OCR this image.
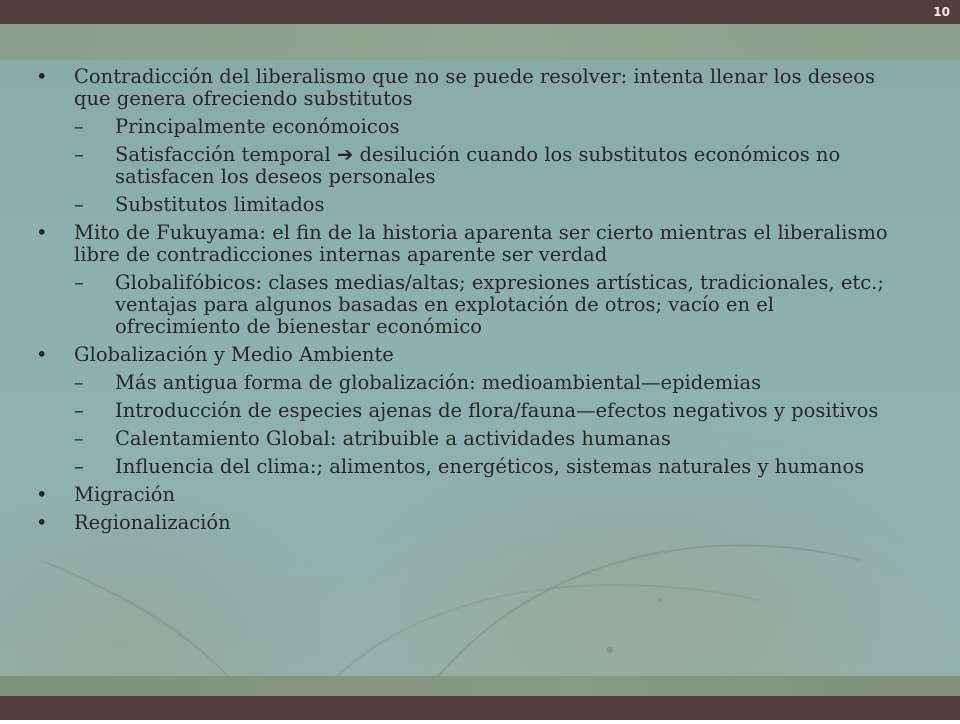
10
• Contradicción del liberalismo que no se puede resolver: intenta llenar los deseos que genera ofreciendo substitutos
– Principalmente económoicos
– Satisfacción temporal ➔ desilución cuando los substitutos económicos no satisfacen los deseos personales
– Substitutos limitados
• Mito de Fukuyama: el fin de la historia aparenta ser cierto mientras el liberalismo libre de contradicciones internas aparente ser verdad
– Globalifóbicos: clases medias/altas; expresiones artísticas, tradicionales, etc.; ventajas para algunos basadas en explotación de otros; vacío en el ofrecimiento de bienestar económico
• Globalización y Medio Ambiente
– Más antigua forma de globalización: medioambiental—epidemias
– Introducción de especies ajenas de flora/fauna—efectos negativos y positivos
– Calentamiento Global: atribuible a actividades humanas
– Influencia del clima:; alimentos, energéticos, sistemas naturales y humanos
• Migración
• Regionalización
